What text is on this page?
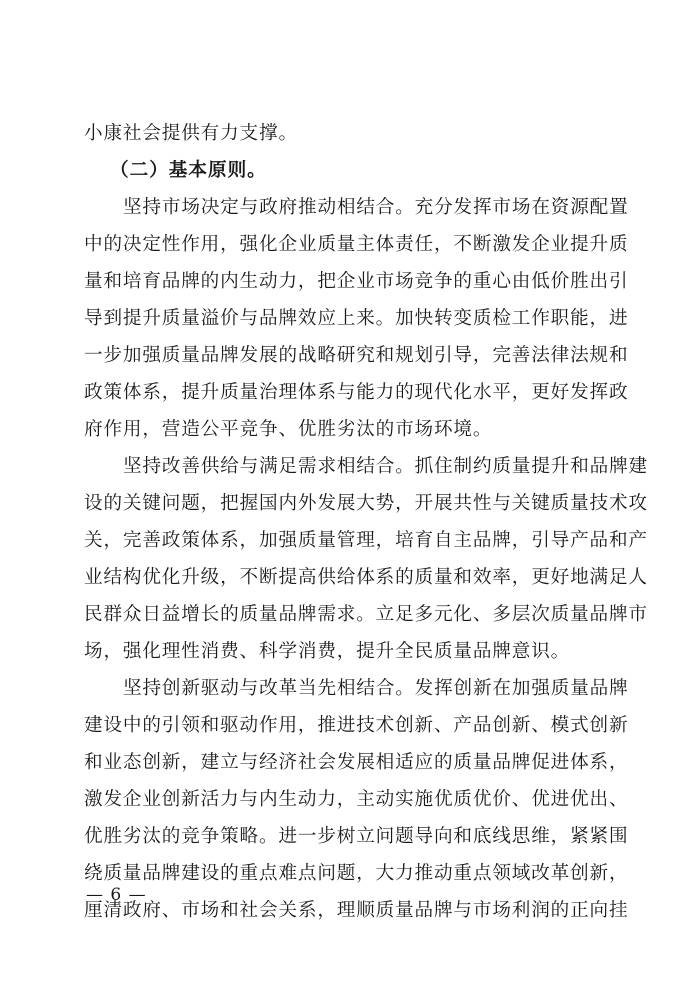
小康社会提供有力支撑。
（二）基本原则。
坚持市场决定与政府推动相结合。充分发挥市场在资源配置
中的决定性作用，强化企业质量主体责任，不断激发企业提升质
量和培育品牌的内生动力，把企业市场竞争的重心由低价胜出引
导到提升质量溢价与品牌效应上来。加快转变质检工作职能，进
一步加强质量品牌发展的战略研究和规划引导，完善法律法规和
政策体系，提升质量治理体系与能力的现代化水平，更好发挥政
府作用，营造公平竞争、优胜劣汰的市场环境。
坚持改善供给与满足需求相结合。抓住制约质量提升和品牌建
设的关键问题，把握国内外发展大势，开展共性与关键质量技术攻
关，完善政策体系，加强质量管理，培育自主品牌，引导产品和产
业结构优化升级，不断提高供给体系的质量和效率，更好地满足人
民群众日益增长的质量品牌需求。立足多元化、多层次质量品牌市
场，强化理性消费、科学消费，提升全民质量品牌意识。
坚持创新驱动与改革当先相结合。发挥创新在加强质量品牌
建设中的引领和驱动作用，推进技术创新、产品创新、模式创新
和业态创新，建立与经济社会发展相适应的质量品牌促进体系，
激发企业创新活力与内生动力，主动实施优质优价、优进优出、
优胜劣汰的竞争策略。进一步树立问题导向和底线思维，紧紧围
绕质量品牌建设的重点难点问题，大力推动重点领域改革创新，
厘清政府、市场和社会关系，理顺质量品牌与市场利润的正向挂
— 6 —
